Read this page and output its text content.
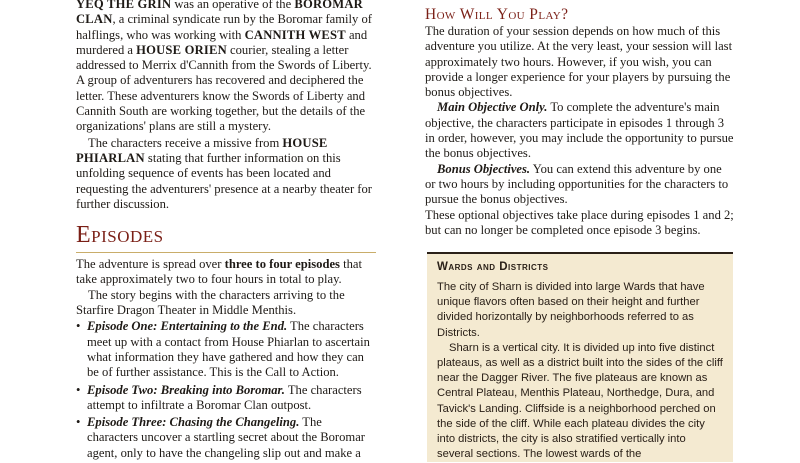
YEQ THE GRIN was an operative of the BOROMAR CLAN, a criminal syndicate run by the Boromar family of halflings, who was working with CANNITH WEST and murdered a HOUSE ORIEN courier, stealing a letter addressed to Merrix d'Cannith from the Swords of Liberty. A group of adventurers has recovered and deciphered the letter. These adventurers know the Swords of Liberty and Cannith South are working together, but the details of the organizations' plans are still a mystery.

The characters receive a missive from HOUSE PHIARLAN stating that further information on this unfolding sequence of events has been located and requesting the adventurers' presence at a nearby theater for further discussion.

Episodes

The adventure is spread over three to four episodes that take approximately two to four hours in total to play.

The story begins with the characters arriving to the Starfire Dragon Theater in Middle Menthis.

• Episode One: Entertaining to the End. The characters meet up with a contact from House Phiarlan to ascertain what information they have gathered and how they can be of further assistance. This is the Call to Action.
• Episode Two: Breaking into Boromar. The characters attempt to infiltrate a Boromar Clan outpost.
• Episode Three: Chasing the Changeling. The characters uncover a startling secret about the Boromar agent, only to have the changeling slip out and make a
How Will You Play?

The duration of your session depends on how much of this adventure you utilize. At the very least, your session will last approximately two hours. However, if you wish, you can provide a longer experience for your players by pursuing the bonus objectives.

Main Objective Only. To complete the adventure's main objective, the characters participate in episodes 1 through 3 in order, however, you may include the opportunity to pursue the bonus objectives.

Bonus Objectives. You can extend this adventure by one or two hours by including opportunities for the characters to pursue the bonus objectives.

These optional objectives take place during episodes 1 and 2; but can no longer be completed once episode 3 begins.

Wards and Districts

The city of Sharn is divided into large Wards that have unique flavors often based on their height and further divided horizontally by neighborhoods referred to as Districts.

Sharn is a vertical city. It is divided up into five distinct plateaus, as well as a district built into the sides of the cliff near the Dagger River. The five plateaus are known as Central Plateau, Menthis Plateau, Northedge, Dura, and Tavick's Landing. Cliffside is a neighborhood perched on the side of the cliff. While each plateau divides the city into districts, the city is also stratified vertically into several sections. The lowest wards of the
